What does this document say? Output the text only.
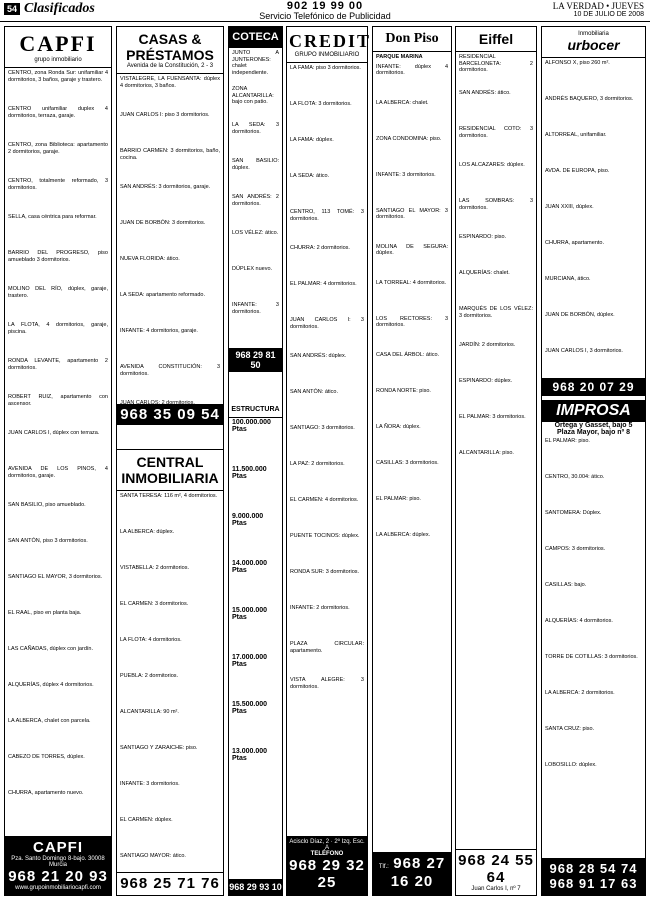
54 Clasificados	902 19 99 00
Servicio Telefónico de Publicidad
LA VERDAD • JUEVES
10 DE JULIO DE 2008
CAPFI
grupo inmobiliario
CENTRO, zona Ronda Sur: unifamiliar 4 dormitorios, 3 baños, garaje y trastero.
CENTRO unifamiliar duplex 4 dormitorios, terraza, garaje.
CENTRO, zona Biblioteca: apartamento 2 dormitorios, garaje.
CENTRO, totalmente reformado, 3 dormitorios.
SELLA, casa céntrica para reformar.
BARRIO DEL PROGRESO, piso amueblado 3 dormitorios.
MOLINO DEL RÍO, dúplex, garaje, trastero.
LA FLOTA, 4 dormitorios, garaje, piscina.
RONDA LEVANTE, apartamento 2 dormitorios.
ROBERT RUIZ, apartamento con ascensor.
JUAN CARLOS I, dúplex con terraza.
AVENIDA DE LOS PINOS, 4 dormitorios, garaje.
SAN BASILIO, piso amueblado.
SAN ANTÓN, piso 3 dormitorios.
SANTIAGO EL MAYOR, 3 dormitorios.
EL RAAL, piso en planta baja.
LAS CAÑADAS, dúplex con jardín.
ALQUERÍAS, dúplex 4 dormitorios.
LA ALBERCA, chalet con parcela.
CABEZO DE TORRES, dúplex.
CHURRA, apartamento nuevo.
CAPFI
Pza. Santo Domingo 8-bajo. 30008 Murcia
968 21 20 93
www.grupoinmobiliariocapfi.com
CASAS & PRÉSTAMOS
Avenida de la Constitución, 2 - 3
VISTALEGRE, LA FUENSANTA: dúplex 4 dormitorios, 3 baños.
JUAN CARLOS I: piso 3 dormitorios.
BARRIO CARMEN: 3 dormitorios, baño, cocina.
SAN ANDRÉS: 3 dormitorios, garaje.
JUAN DE BORBÓN: 3 dormitorios.
NUEVA FLORIDA: ático.
LA SEDA: apartamento reformado.
INFANTE: 4 dormitorios, garaje.
AVENIDA CONSTITUCIÓN: 3 dormitorios.
JUAN CARLOS: 2 dormitorios.
968 35 09 54
CENTRAL INMOBILIARIA
SANTA TERESA: 116 m², 4 dormitorios.
LA ALBERCA: dúplex.
VISTABELLA: 2 dormitorios.
EL CARMEN: 3 dormitorios.
LA FLOTA: 4 dormitorios.
PUEBLA: 2 dormitorios.
ALCANTARILLA: 90 m².
SANTIAGO Y ZARAICHE: piso.
INFANTE: 3 dormitorios.
EL CARMEN: dúplex.
SANTIAGO MAYOR: ático.
968 25 71 76
COTECA
JUNTO A JUNTERONES: chalet independiente.
ZONA ALCANTARILLA: bajo con patio.
LA SEDA: 3 dormitorios.
SAN BASILIO: dúplex.
SAN ANDRÉS: 2 dormitorios.
LOS VÉLEZ: ático.
DÚPLEX nuevo.
INFANTE: 3 dormitorios.
968 29 81 50
ESTRUCTURA
100.000.000 Ptas
11.500.000 Ptas
9.000.000 Ptas
14.000.000 Ptas
15.000.000 Ptas
17.000.000 Ptas
15.500.000 Ptas
13.000.000 Ptas
968 29 93 10
CREDIT
GRUPO INMOBILIARIO
LA FAMA: piso 3 dormitorios.
LA FLOTA: 3 dormitorios.
LA FAMA: dúplex.
LA SEDA: ático.
CENTRO, 113 TOMÉ: 3 dormitorios.
CHURRA: 2 dormitorios.
EL PALMAR: 4 dormitorios.
JUAN CARLOS I: 3 dormitorios.
SAN ANDRÉS: dúplex.
SAN ANTÓN: ático.
SANTIAGO: 3 dormitorios.
LA PAZ: 2 dormitorios.
EL CARMEN: 4 dormitorios.
PUENTE TOCINOS: dúplex.
RONDA SUR: 3 dormitorios.
INFANTE: 2 dormitorios.
PLAZA CIRCULAR: apartamento.
VISTA ALEGRE: 3 dormitorios.
Acisclo Díaz, 2 · 2º Izq. Esc. A
TELÉFONO
968 29 32 25
Don Piso
PARQUE MARINA
INFANTE: dúplex 4 dormitorios.
LA ALBERCA: chalet.
ZONA CONDOMINA: piso.
INFANTE: 3 dormitorios.
SANTIAGO EL MAYOR: 3 dormitorios.
MOLINA DE SEGURA: dúplex.
LA TORREAL: 4 dormitorios.
LOS RECTORES: 3 dormitorios.
CASA DEL ÁRBOL: ático.
RONDA NORTE: piso.
LA ÑORA: dúplex.
CASILLAS: 3 dormitorios.
EL PALMAR: piso.
LA ALBERCA: dúplex.
Tlf.: 968 27 16 20
Eiffel
RESIDENCIAL BARCELONETA: 2 dormitorios.
SAN ANDRÉS: ático.
RESIDENCIAL COTO: 3 dormitorios.
LOS ALCAZARES: dúplex.
LAS SOMBRAS: 3 dormitorios.
ESPINARDO: piso.
ALQUERÍAS: chalet.
MARQUÉS DE LOS VÉLEZ: 3 dormitorios.
JARDÍN: 2 dormitorios.
ESPINARDO: dúplex.
EL PALMAR: 3 dormitorios.
ALCANTARILLA: piso.
968 24 55 64
Juan Carlos I, nº 7
Inmobiliaria
urbocer
ALFONSO X, piso 260 m².
ANDRÉS BAQUERO, 3 dormitorios.
ALTORREAL, unifamiliar.
AVDA. DE EUROPA, piso.
JUAN XXIII, dúplex.
CHURRA, apartamento.
MURCIANA, ático.
JUAN DE BORBÓN, dúplex.
JUAN CARLOS I, 3 dormitorios.
968 20 07 29
IMPROSA
Ortega y Gasset, bajo 5
Plaza Mayor, bajo nº 8
EL PALMAR: piso.
CENTRO, 30.004: ático.
SANTOMERA: Dúplex.
CAMPOS: 3 dormitorios.
CASILLAS: bajo.
ALQUERÍAS: 4 dormitorios.
TORRE DE COTILLAS: 3 dormitorios.
LA ALBERCA: 2 dormitorios.
SANTA CRUZ: piso.
LOBOSILLO: dúplex.
968 28 54 74
968 91 17 63
